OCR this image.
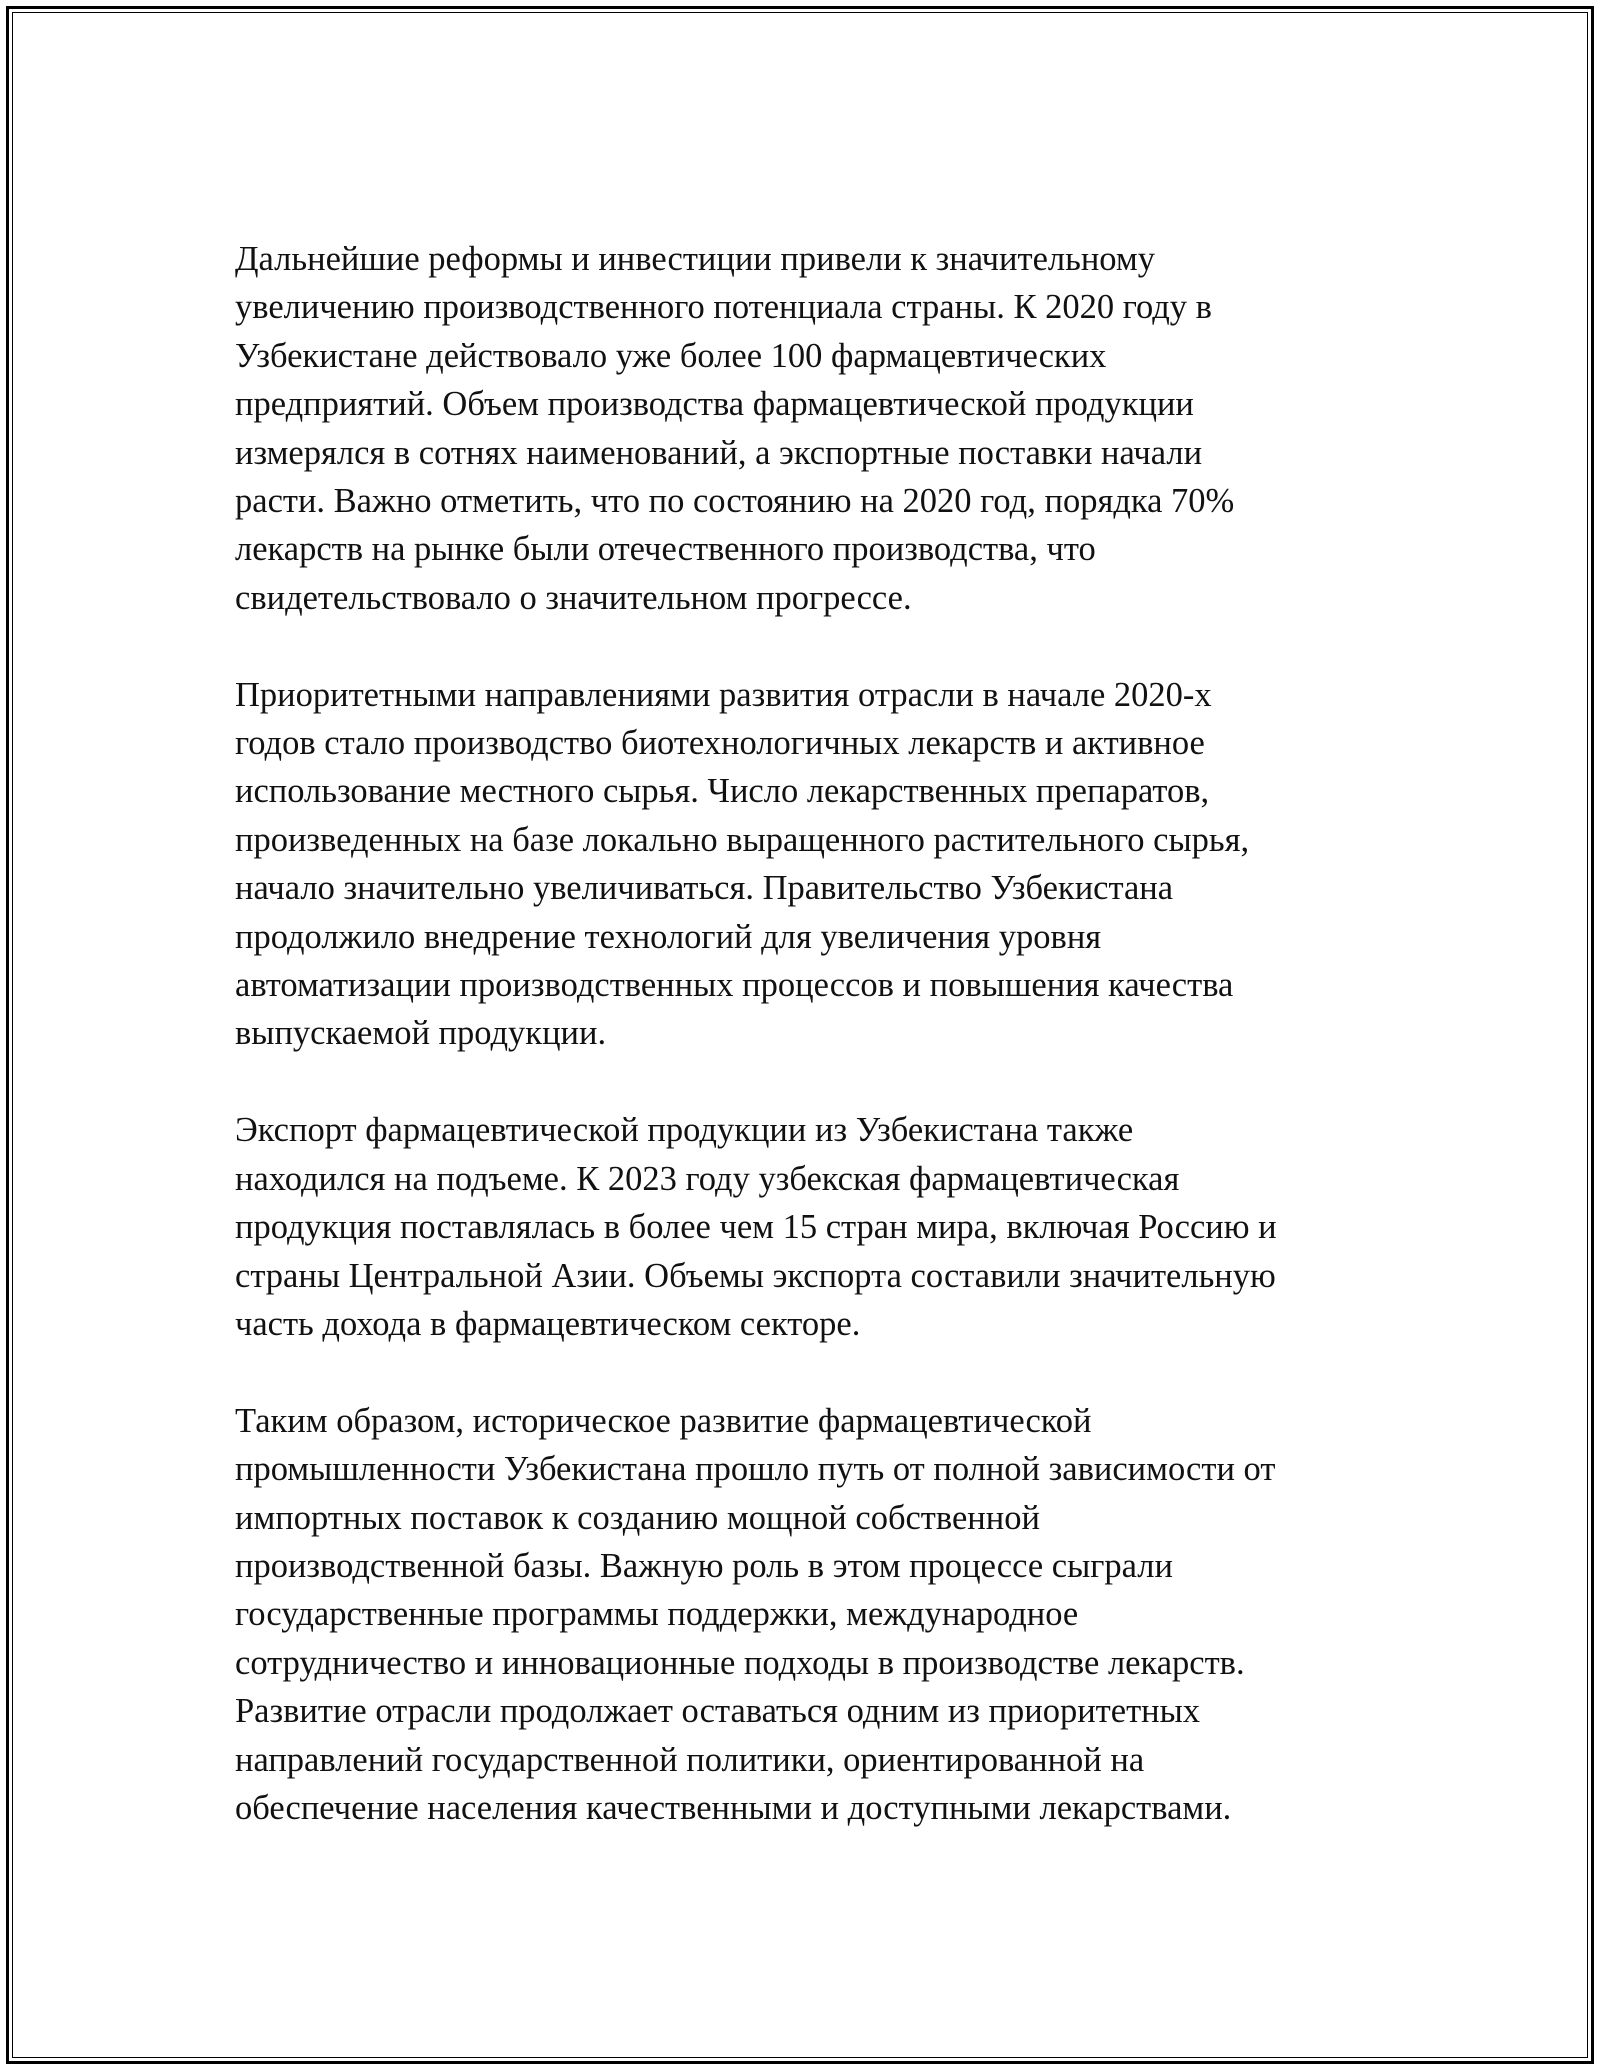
Дальнейшие реформы и инвестиции привели к значительному
увеличению производственного потенциала страны. К 2020 году в
Узбекистане действовало уже более 100 фармацевтических
предприятий. Объем производства фармацевтической продукции
измерялся в сотнях наименований, а экспортные поставки начали
расти. Важно отметить, что по состоянию на 2020 год, порядка 70%
лекарств на рынке были отечественного производства, что
свидетельствовало о значительном прогрессе.

Приоритетными направлениями развития отрасли в начале 2020-х
годов стало производство биотехнологичных лекарств и активное
использование местного сырья. Число лекарственных препаратов,
произведенных на базе локально выращенного растительного сырья,
начало значительно увеличиваться. Правительство Узбекистана
продолжило внедрение технологий для увеличения уровня
автоматизации производственных процессов и повышения качества
выпускаемой продукции.

Экспорт фармацевтической продукции из Узбекистана также
находился на подъеме. К 2023 году узбекская фармацевтическая
продукция поставлялась в более чем 15 стран мира, включая Россию и
страны Центральной Азии. Объемы экспорта составили значительную
часть дохода в фармацевтическом секторе.

Таким образом, историческое развитие фармацевтической
промышленности Узбекистана прошло путь от полной зависимости от
импортных поставок к созданию мощной собственной
производственной базы. Важную роль в этом процессе сыграли
государственные программы поддержки, международное
сотрудничество и инновационные подходы в производстве лекарств.
Развитие отрасли продолжает оставаться одним из приоритетных
направлений государственной политики, ориентированной на
обеспечение населения качественными и доступными лекарствами.
